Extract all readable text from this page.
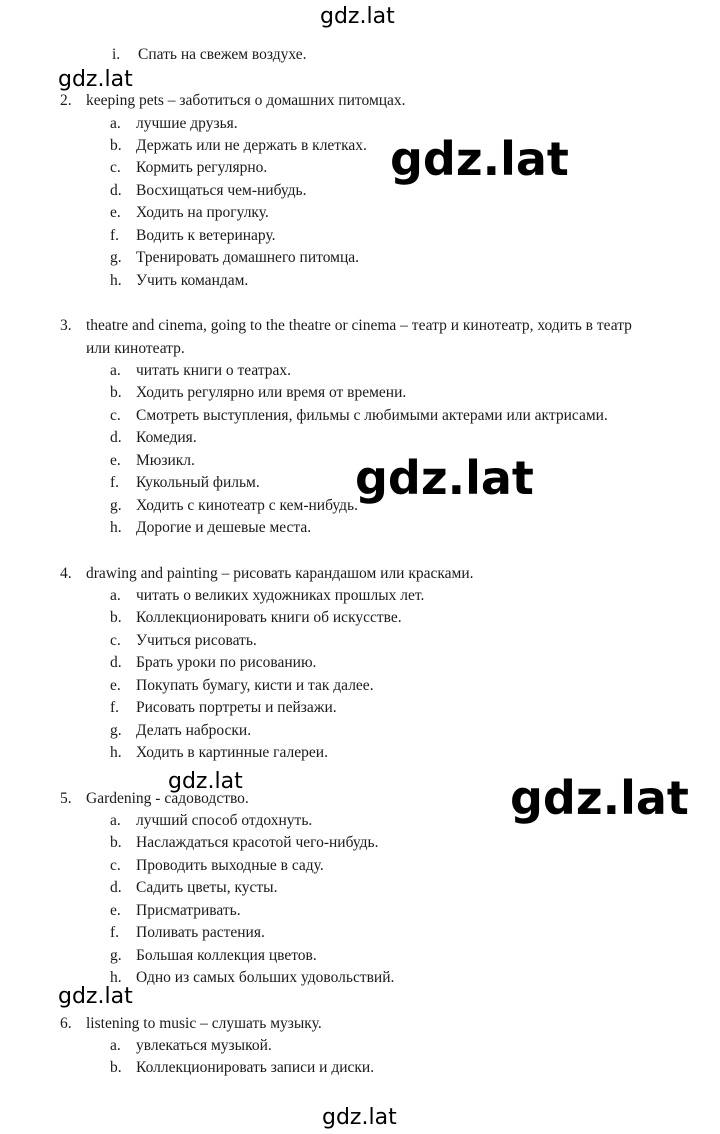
i. Спать на свежем воздухе.
2. keeping pets – заботиться о домашних питомцах.
a. лучшие друзья.
b. Держать или не держать в клетках.
c. Кормить регулярно.
d. Восхищаться чем-нибудь.
e. Ходить на прогулку.
f. Водить к ветеринару.
g. Тренировать домашнего питомца.
h. Учить командам.
3. theatre and cinema, going to the theatre or cinema – театр и кинотеатр, ходить в театр
или кинотеатр.
a. читать книги о театрах.
b. Ходить регулярно или время от времени.
c. Смотреть выступления, фильмы с любимыми актерами или актрисами.
d. Комедия.
e. Мюзикл.
f. Кукольный фильм.
g. Ходить с кинотеатр с кем-нибудь.
h. Дорогие и дешевые места.
4. drawing and painting – рисовать карандашом или красками.
a. читать о великих художниках прошлых лет.
b. Коллекционировать книги об искусстве.
c. Учиться рисовать.
d. Брать уроки по рисованию.
e. Покупать бумагу, кисти и так далее.
f. Рисовать портреты и пейзажи.
g. Делать наброски.
h. Ходить в картинные галереи.
5. Gardening - садоводство.
a. лучший способ отдохнуть.
b. Наслаждаться красотой чего-нибудь.
c. Проводить выходные в саду.
d. Садить цветы, кусты.
e. Присматривать.
f. Поливать растения.
g. Большая коллекция цветов.
h. Одно из самых больших удовольствий.
6. listening to music – слушать музыку.
a. увлекаться музыкой.
b. Коллекционировать записи и диски.
gdz.lat
gdz.lat
gdz.lat
gdz.lat
gdz.lat	gdz.lat
gdz.lat
gdz.lat
